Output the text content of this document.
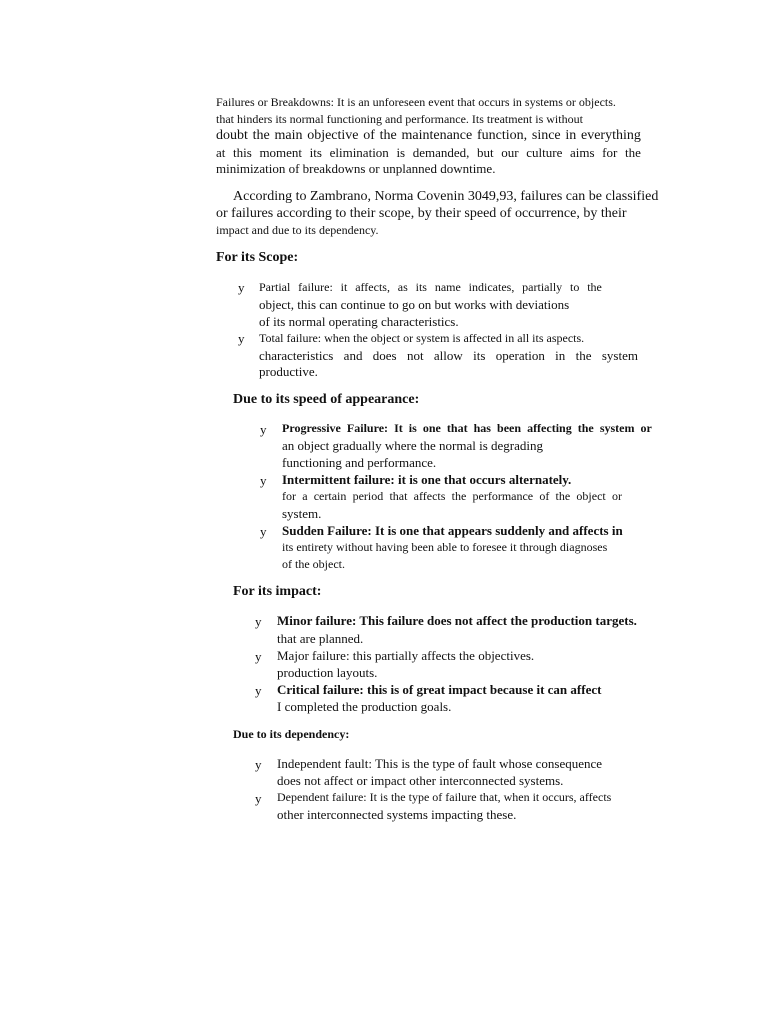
Failures or Breakdowns: It is an unforeseen event that occurs in systems or objects.
that hinders its normal functioning and performance. Its treatment is without
doubt the main objective of the maintenance function, since in everything
at this moment its elimination is demanded, but our culture aims for the
minimization of breakdowns or unplanned downtime.
According to Zambrano, Norma Covenin 3049,93, failures can be classified
or failures according to their scope, by their speed of occurrence, by their
impact and due to its dependency.
For its Scope:
y Partial failure: it affects, as its name indicates, partially to the
object, this can continue to go on but works with deviations
of its normal operating characteristics.
y Total failure: when the object or system is affected in all its aspects.
characteristics and does not allow its operation in the system
productive.
Due to its speed of appearance:
y Progressive Failure: It is one that has been affecting the system or
an object gradually where the normal is degrading
functioning and performance.
y Intermittent failure: it is one that occurs alternately.
for a certain period that affects the performance of the object or
system.
y Sudden Failure: It is one that appears suddenly and affects in
its entirety without having been able to foresee it through diagnoses
of the object.
For its impact:
y Minor failure: This failure does not affect the production targets.
that are planned.
y Major failure: this partially affects the objectives.
production layouts.
y Critical failure: this is of great impact because it can affect
I completed the production goals.
Due to its dependency:
y Independent fault: This is the type of fault whose consequence
does not affect or impact other interconnected systems.
y Dependent failure: It is the type of failure that, when it occurs, affects
other interconnected systems impacting these.
